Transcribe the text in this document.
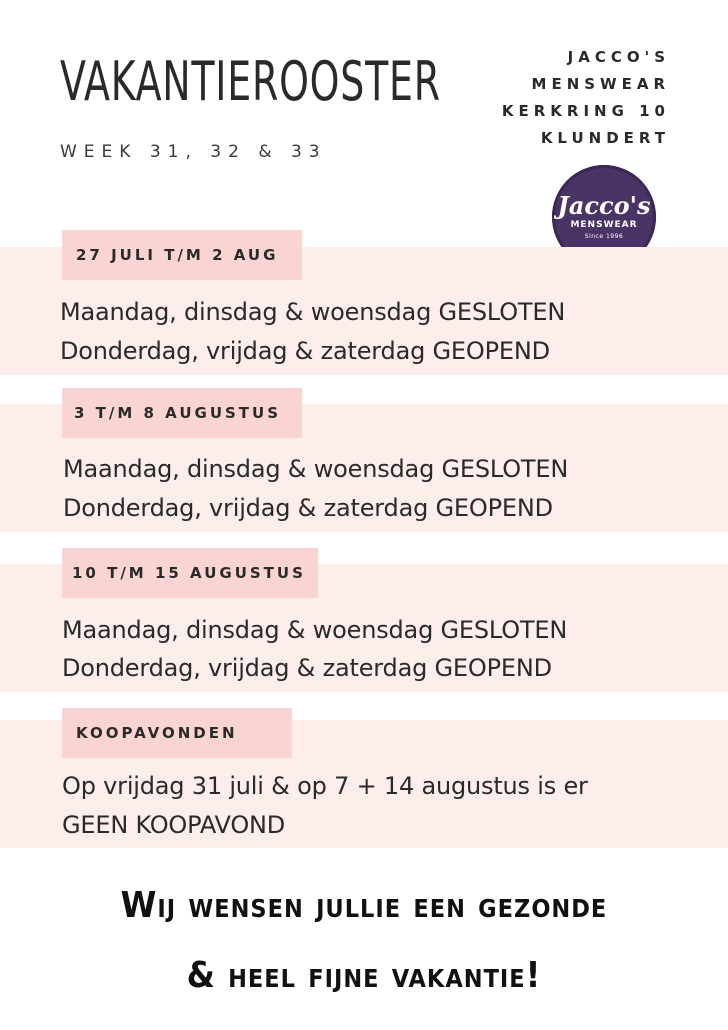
VAKANTIEROOSTER
WEEK 31, 32 & 33
JACCO'S
MENSWEAR
KERKRING 10
KLUNDERT
Jacco's
MENSWEAR
Since 1996
27 JULI T/M 2 AUG
Maandag, dinsdag & woensdag GESLOTEN
Donderdag, vrijdag & zaterdag GEOPEND
3 T/M 8 AUGUSTUS
Maandag, dinsdag & woensdag GESLOTEN
Donderdag, vrijdag & zaterdag GEOPEND
10 T/M 15 AUGUSTUS
Maandag, dinsdag & woensdag GESLOTEN
Donderdag, vrijdag & zaterdag GEOPEND
KOOPAVONDEN
Op vrijdag 31 juli & op 7 + 14 augustus is er
GEEN KOOPAVOND
Wij wensen jullie een gezonde
& heel fijne vakantie!
